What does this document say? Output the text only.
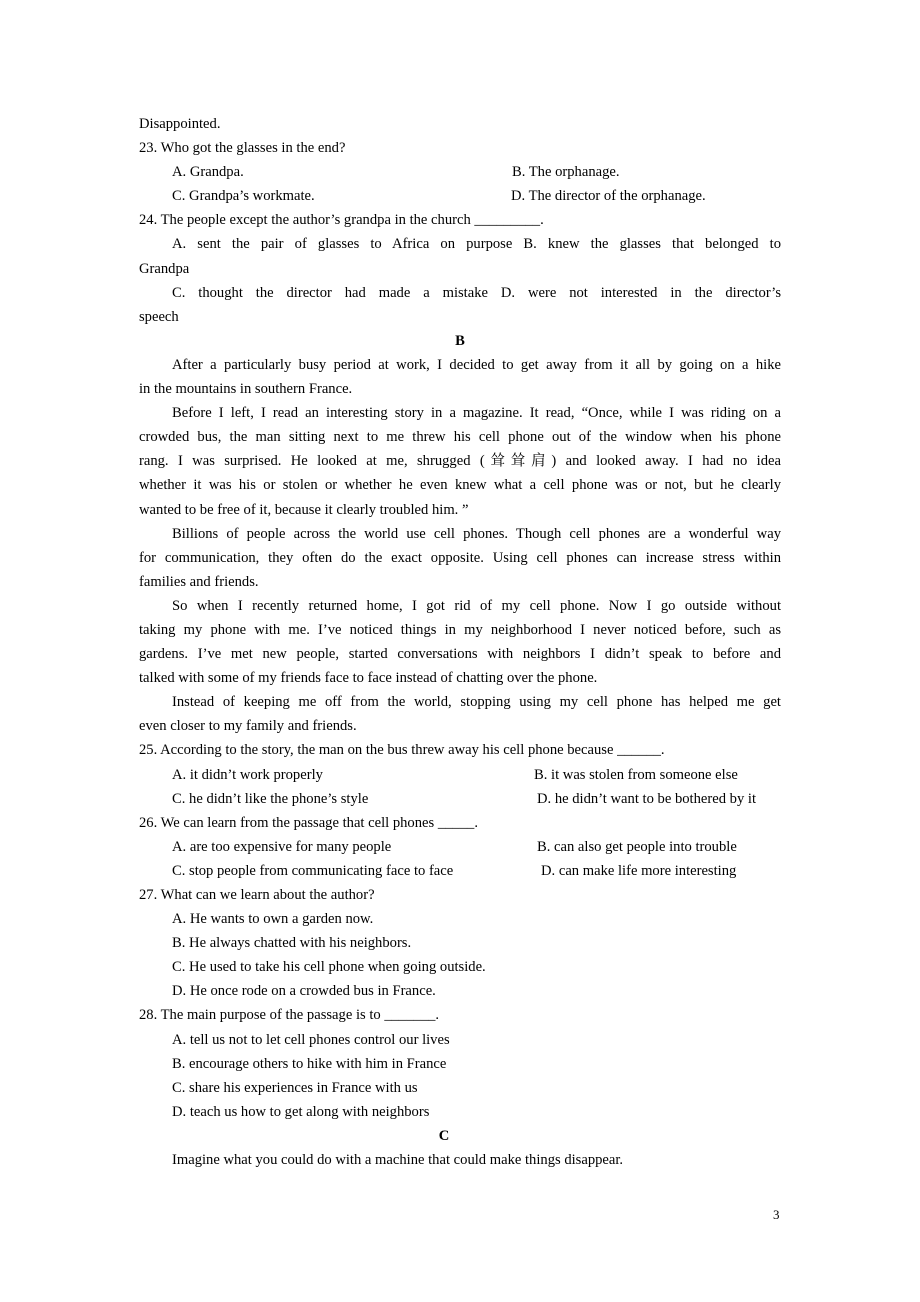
Disappointed.
23. Who got the glasses in the end?
A. Grandpa.	B. The orphanage.
C. Grandpa’s workmate.	D. The director of the orphanage.
24. The people except the author’s grandpa in the church _________.
A. sent the pair of glasses to Africa on purpose B. knew the glasses that belonged to
Grandpa
C. thought the director had made a mistake D. were not interested in the director’s
speech
B
After a particularly busy period at work, I decided to get away from it all by going on a hike
in the mountains in southern France.
Before I left, I read an interesting story in a magazine. It read, “Once, while I was riding on a
crowded bus, the man sitting next to me threw his cell phone out of the window when his phone
rang. I was surprised. He looked at me, shrugged (耸耸肩) and looked away. I had no idea
whether it was his or stolen or whether he even knew what a cell phone was or not, but he clearly
wanted to be free of it, because it clearly troubled him. ”
Billions of people across the world use cell phones. Though cell phones are a wonderful way
for communication, they often do the exact opposite. Using cell phones can increase stress within
families and friends.
So when I recently returned home, I got rid of my cell phone. Now I go outside without
taking my phone with me. I’ve noticed things in my neighborhood I never noticed before, such as
gardens. I’ve met new people, started conversations with neighbors I didn’t speak to before and
talked with some of my friends face to face instead of chatting over the phone.
Instead of keeping me off from the world, stopping using my cell phone has helped me get
even closer to my family and friends.
25. According to the story, the man on the bus threw away his cell phone because ______.
A. it didn’t work properly	B. it was stolen from someone else
C. he didn’t like the phone’s style	D. he didn’t want to be bothered by it
26. We can learn from the passage that cell phones _____.
A. are too expensive for many people	B. can also get people into trouble
C. stop people from communicating face to face	D. can make life more interesting
27. What can we learn about the author?
A. He wants to own a garden now.
B. He always chatted with his neighbors.
C. He used to take his cell phone when going outside.
D. He once rode on a crowded bus in France.
28. The main purpose of the passage is to _______.
A. tell us not to let cell phones control our lives
B. encourage others to hike with him in France
C. share his experiences in France with us
D. teach us how to get along with neighbors
C
Imagine what you could do with a machine that could make things disappear.
3
